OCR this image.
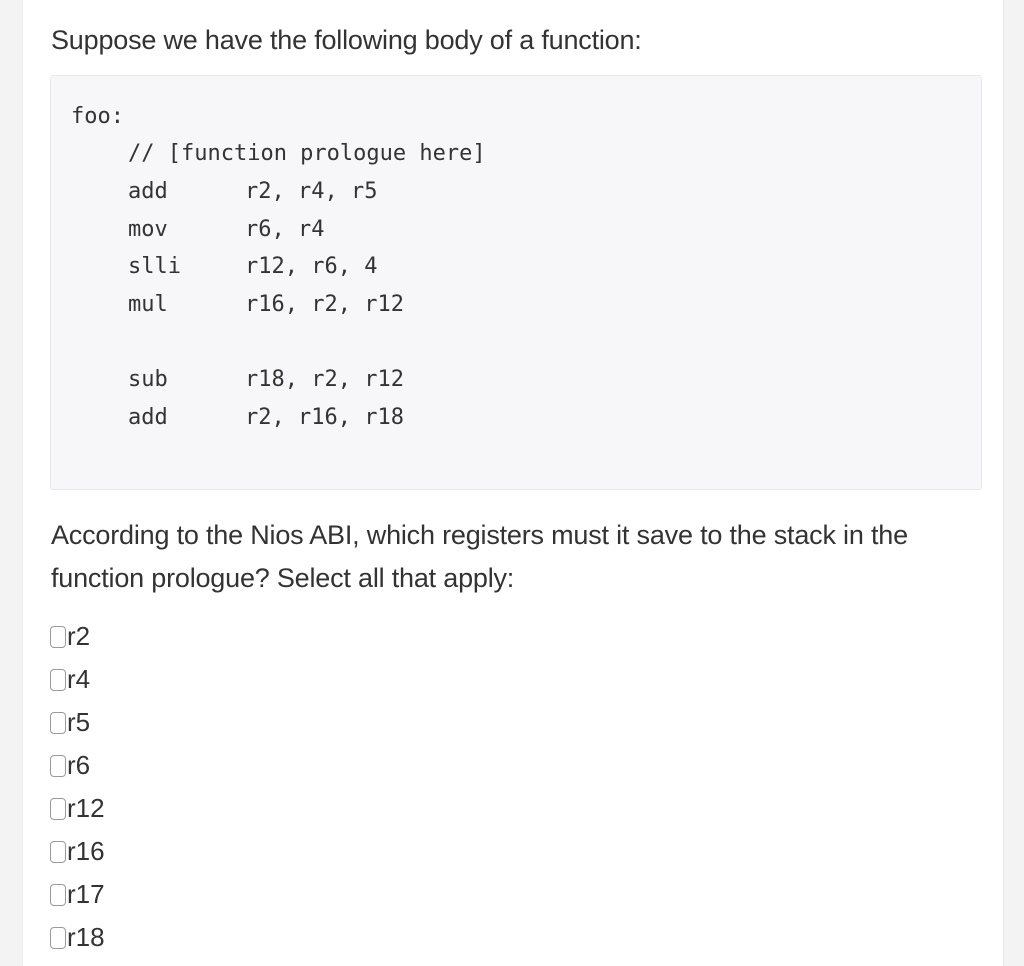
Suppose we have the following body of a function:

foo:
// [function prologue here]
add	r2, r4, r5
mov	r6, r4
slli	r12, r6, 4
mul	r16, r2, r12
sub	r18, r2, r12
add	r2, r16, r18

According to the Nios ABI, which registers must it save to the stack in the function prologue? Select all that apply:

r2
r4
r5
r6
r12
r16
r17
r18
